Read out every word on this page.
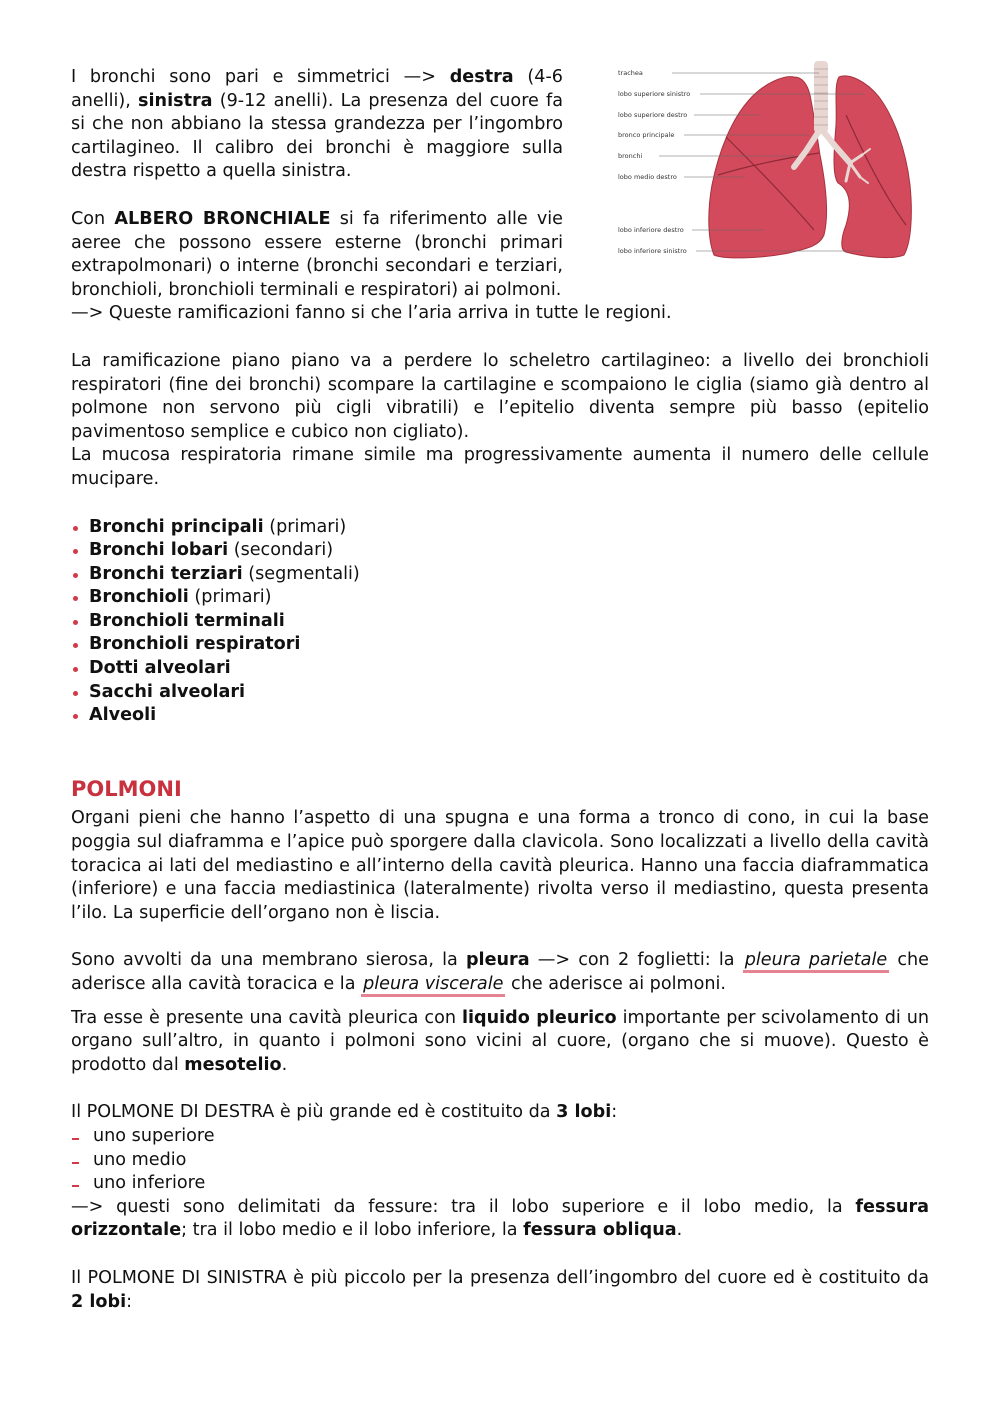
trachea
lobo superiore sinistro
lobo superiore destro
bronco principale
bronchi
lobo medio destro
lobo inferiore destro
lobo inferiore sinistro

I bronchi sono pari e simmetrici —> destra (4-6 anelli), sinistra (9-12 anelli). La presenza del cuore fa si che non abbiano la stessa grandezza per l’ingombro cartilagineo. Il calibro dei bronchi è maggiore sulla destra rispetto a quella sinistra.

Con ALBERO BRONCHIALE si fa riferimento alle vie aeree che possono essere esterne (bronchi primari extrapolmonari) o interne (bronchi secondari e terziari, bronchioli, bronchioli terminali e respiratori) ai polmoni.

—> Queste ramificazioni fanno si che l’aria arriva in tutte le regioni.

La ramificazione piano piano va a perdere lo scheletro cartilagineo: a livello dei bronchioli respiratori (fine dei bronchi) scompare la cartilagine e scompaiono le ciglia (siamo già dentro al polmone non servono più cigli vibratili) e l’epitelio diventa sempre più basso (epitelio pavimentoso semplice e cubico non cigliato).

La mucosa respiratoria rimane simile ma progressivamente aumenta il numero delle cellule mucipare.

Bronchi principali (primari)
Bronchi lobari (secondari)
Bronchi terziari (segmentali)
Bronchioli (primari)
Bronchioli terminali
Bronchioli respiratori
Dotti alveolari
Sacchi alveolari
Alveoli

POLMONI

Organi pieni che hanno l’aspetto di una spugna e una forma a tronco di cono, in cui la base poggia sul diaframma e l’apice può sporgere dalla clavicola. Sono localizzati a livello della cavità toracica ai lati del mediastino e all’interno della cavità pleurica. Hanno una faccia diaframmatica (inferiore) e una faccia mediastinica (lateralmente) rivolta verso il mediastino, questa presenta l’ilo. La superficie dell’organo non è liscia.

Sono avvolti da una membrano sierosa, la pleura —> con 2 foglietti: la pleura parietale che aderisce alla cavità toracica e la pleura viscerale che aderisce ai polmoni.

Tra esse è presente una cavità pleurica con liquido pleurico importante per scivolamento di un organo sull’altro, in quanto i polmoni sono vicini al cuore, (organo che si muove). Questo è prodotto dal mesotelio.

Il POLMONE DI DESTRA è più grande ed è costituito da 3 lobi:

uno superiore
uno medio
uno inferiore

—> questi sono delimitati da fessure: tra il lobo superiore e il lobo medio, la fessura orizzontale; tra il lobo medio e il lobo inferiore, la fessura obliqua.

Il POLMONE DI SINISTRA è più piccolo per la presenza dell’ingombro del cuore ed è costituito da 2 lobi:
